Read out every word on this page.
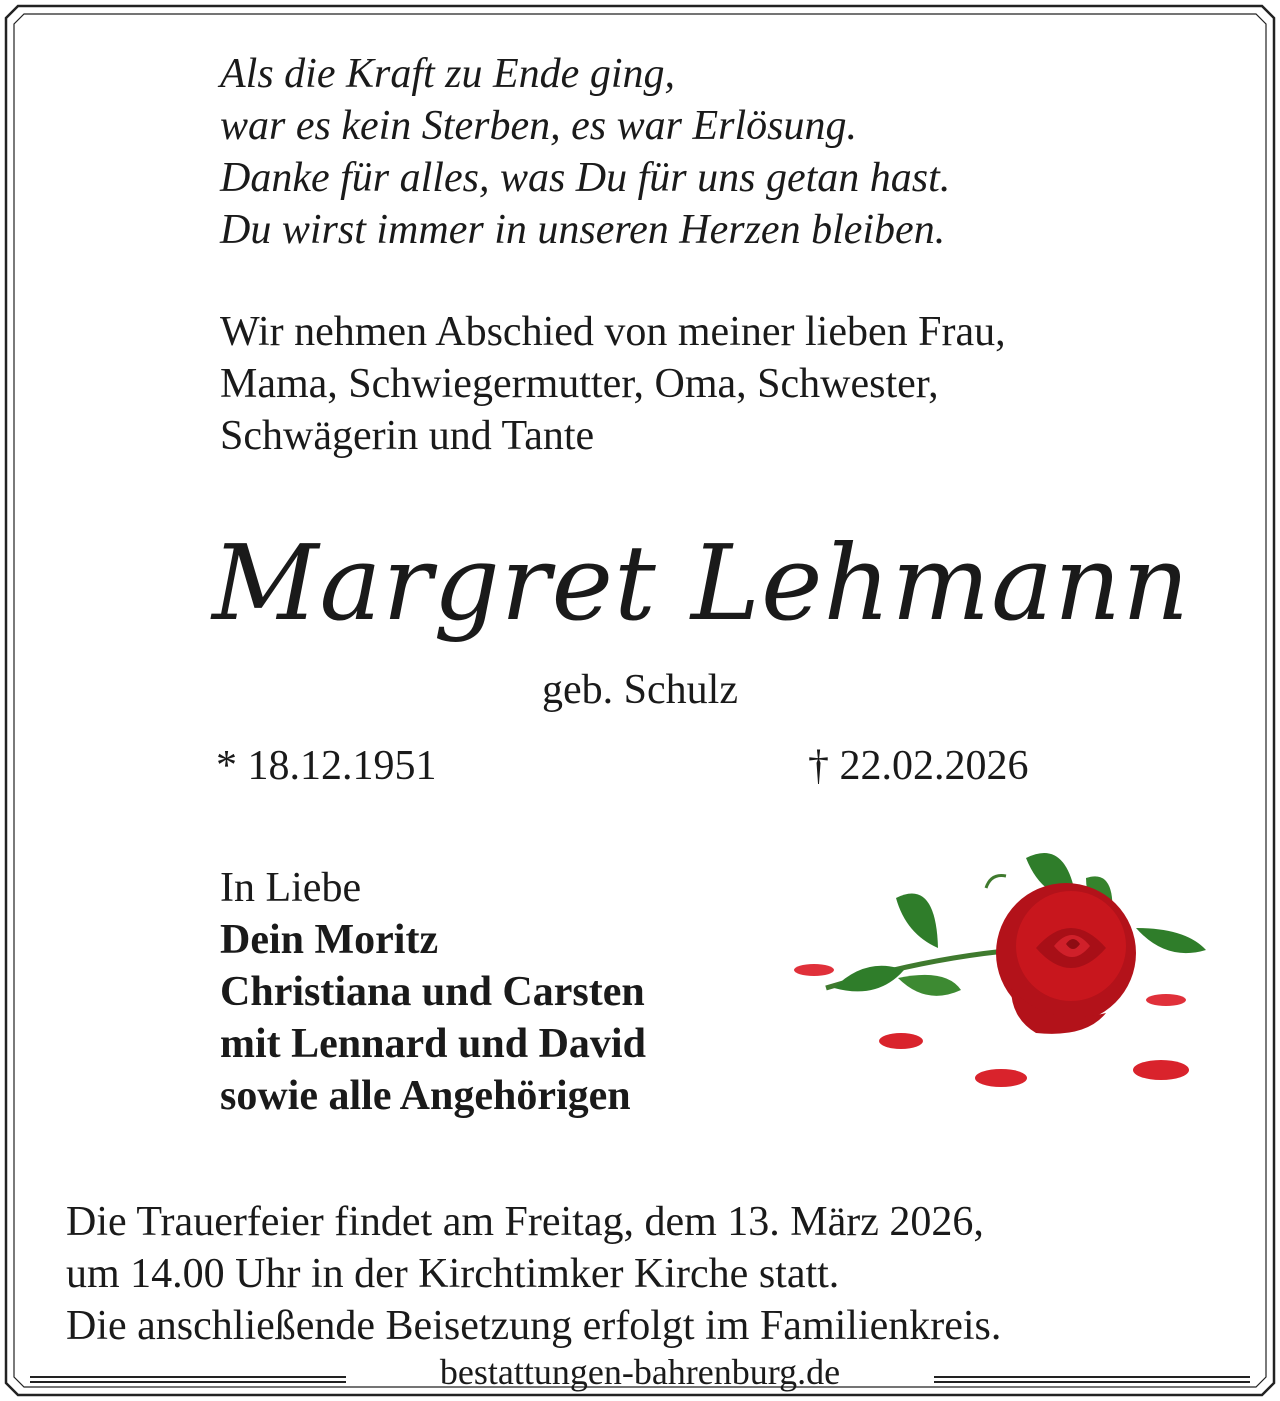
Als die Kraft zu Ende ging,
war es kein Sterben, es war Erlösung.
Danke für alles, was Du für uns getan hast.
Du wirst immer in unseren Herzen bleiben.
Wir nehmen Abschied von meiner lieben Frau,
Mama, Schwiegermutter, Oma, Schwester,
Schwägerin und Tante
Margret Lehmann
geb. Schulz
* 18.12.1951	† 22.02.2026
In Liebe
Dein Moritz
Christiana und Carsten
mit Lennard und David
sowie alle Angehörigen
Die Trauerfeier findet am Freitag, dem 13. März 2026,
um 14.00 Uhr in der Kirchtimker Kirche statt.
Die anschließende Beisetzung erfolgt im Familienkreis.
bestattungen-bahrenburg.de
